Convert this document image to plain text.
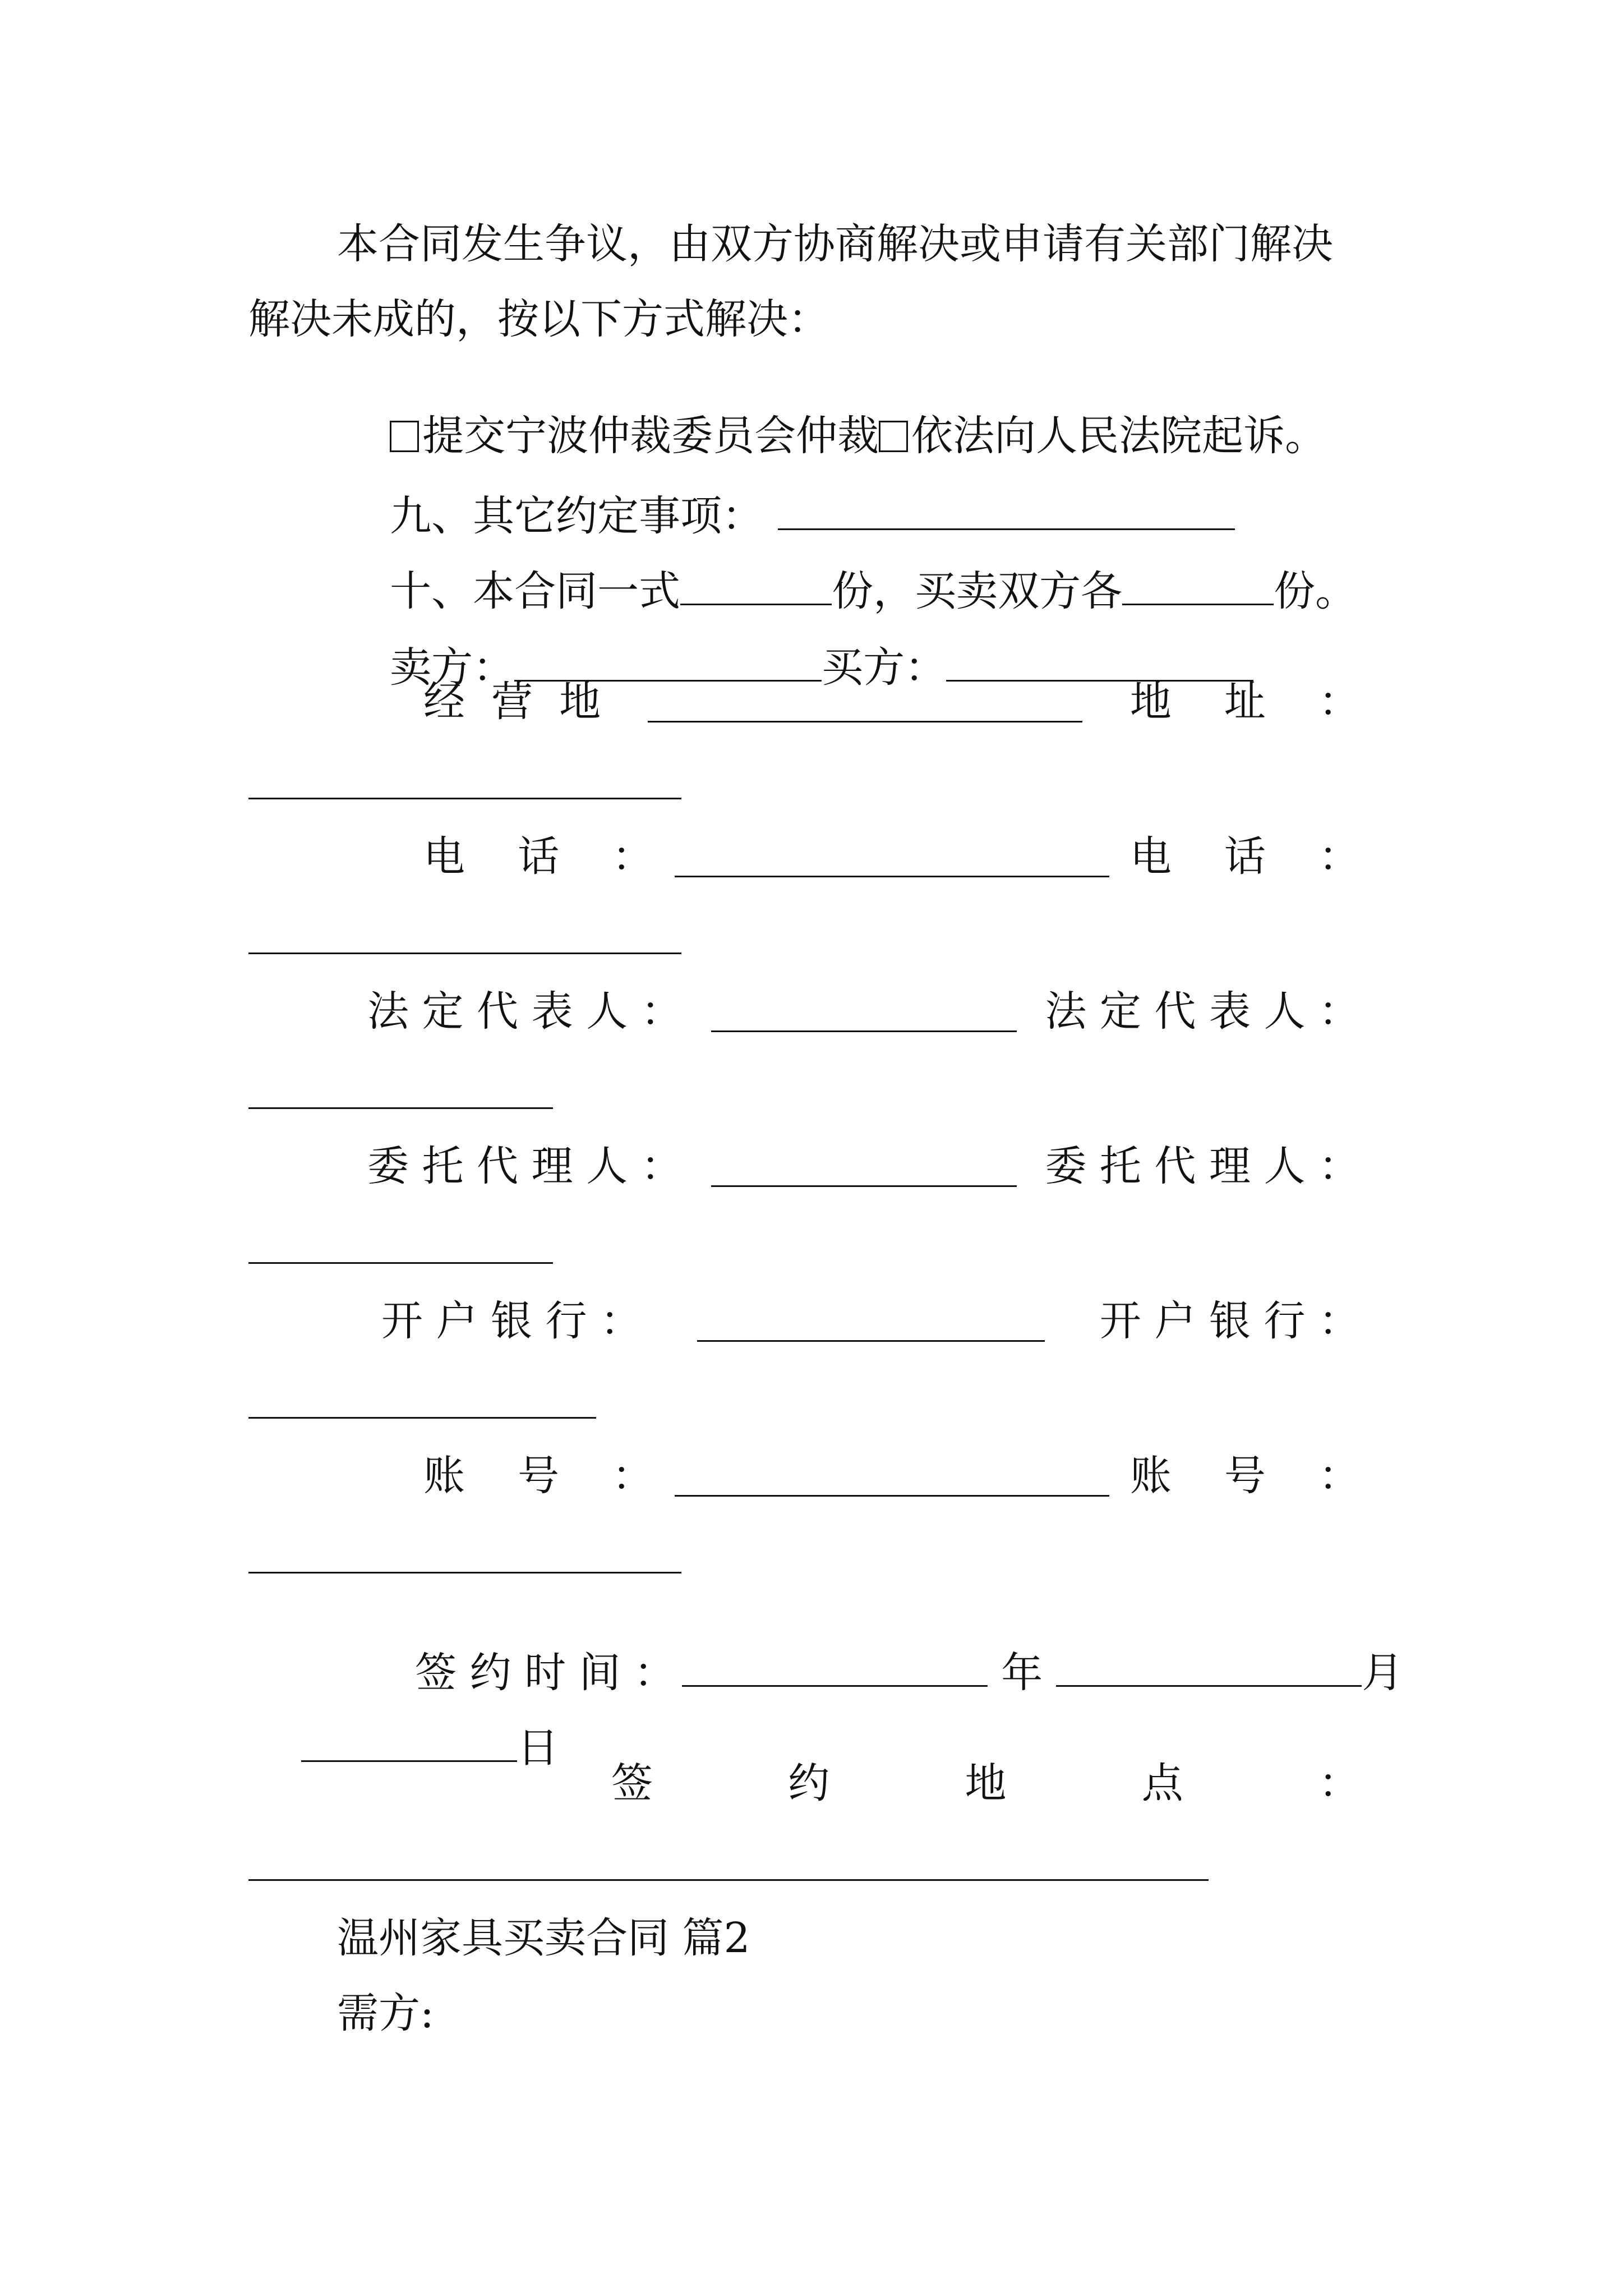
本合同发生争议，由双方协商解决或申请有关部门解决
解决未成的，按以下方式解决：

提交宁波仲裁委员会仲裁 依法向人民法院起诉。

九、其它约定事项：

十、本合同一式	份，买卖双方各	份。

卖方：	买方：

经  营  地	地    址    ：
电    话    ：	电    话    ：
法 定 代 表 人 ：	法 定 代 表 人 ：
委 托 代 理 人 ：	委 托 代 理 人 ：
开 户 银 行 ：	开 户 银 行 ：
账    号    ：	账    号    ：

签 约 时 间 ：	年	月

日

签	约	地	点	：
温州家具买卖合同 篇2
需方:
